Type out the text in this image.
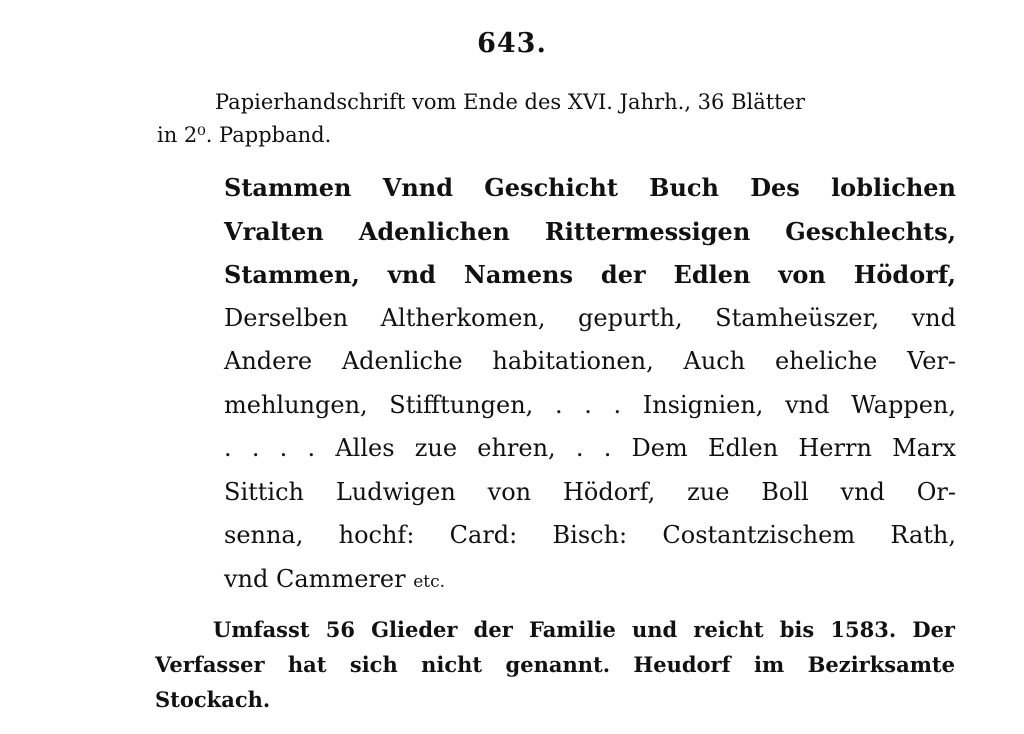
643.
Papierhandschrift vom Ende des XVI. Jahrh., 36 Blätter
in 2⁰. Pappband.
Stammen Vnnd Geschicht Buch Des loblichen
Vralten Adenlichen Rittermessigen Geschlechts,
Stammen, vnd Namens der Edlen von Hödorf,
Derselben Altherkomen, gepurth, Stamheüszer, vnd
Andere Adenliche habitationen, Auch eheliche Ver-
mehlungen, Stifftungen, . . . Insignien, vnd Wappen,
. . . . Alles zue ehren, . . Dem Edlen Herrn Marx
Sittich Ludwigen von Hödorf, zue Boll vnd Or-
senna, hochf: Card: Bisch: Costantzischem Rath,
vnd Cammerer etc.
Umfasst 56 Glieder der Familie und reicht bis 1583. Der
Verfasser hat sich nicht genannt. Heudorf im Bezirksamte
Stockach.
